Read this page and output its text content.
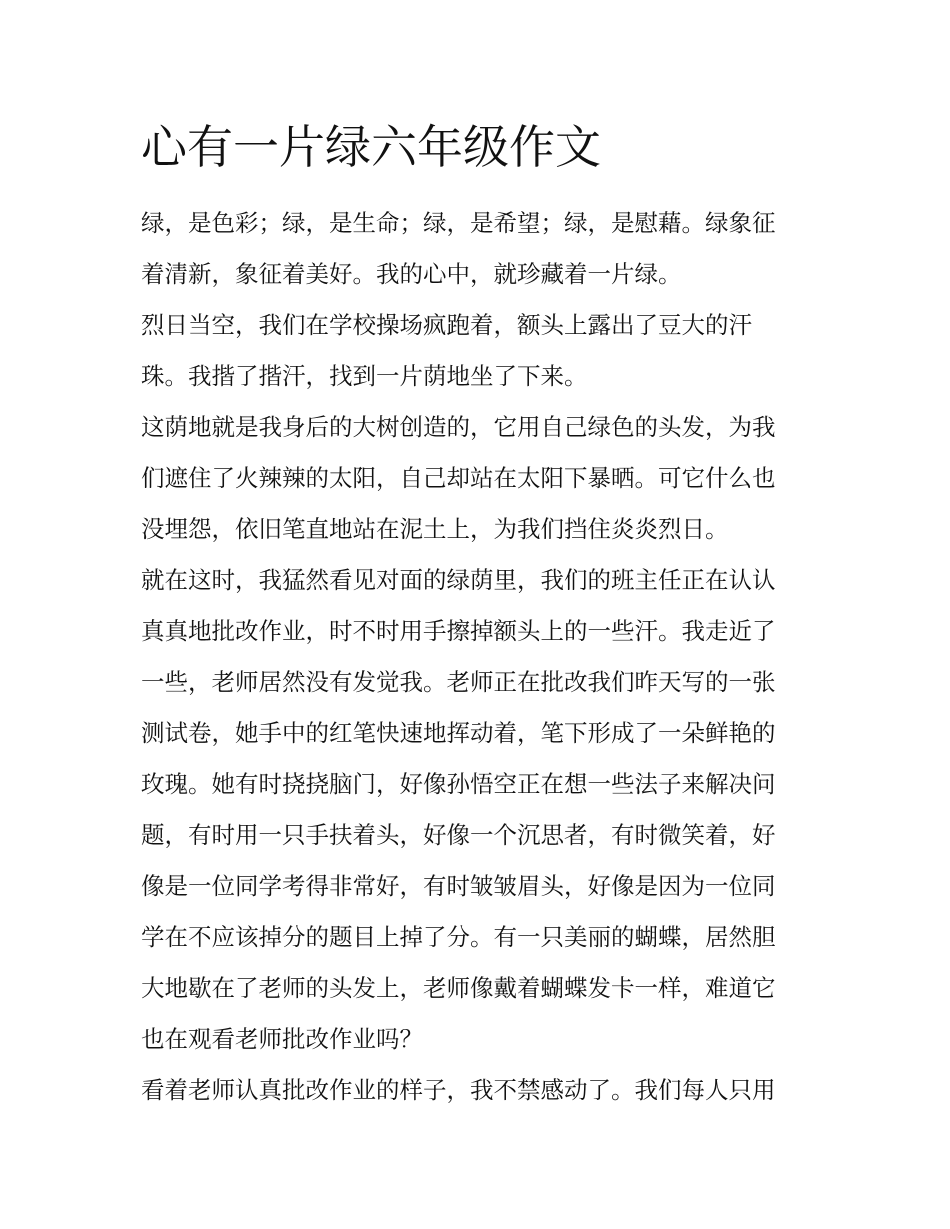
心有一片绿六年级作文
绿，是色彩；绿，是生命；绿，是希望；绿，是慰藉。绿象征
着清新，象征着美好。我的心中，就珍藏着一片绿。
烈日当空，我们在学校操场疯跑着，额头上露出了豆大的汗
珠。我揩了揩汗，找到一片荫地坐了下来。
这荫地就是我身后的大树创造的，它用自己绿色的头发，为我
们遮住了火辣辣的太阳，自己却站在太阳下暴晒。可它什么也
没埋怨，依旧笔直地站在泥土上，为我们挡住炎炎烈日。
就在这时，我猛然看见对面的绿荫里，我们的班主任正在认认
真真地批改作业，时不时用手擦掉额头上的一些汗。我走近了
一些，老师居然没有发觉我。老师正在批改我们昨天写的一张
测试卷，她手中的红笔快速地挥动着，笔下形成了一朵鲜艳的
玫瑰。她有时挠挠脑门，好像孙悟空正在想一些法子来解决问
题，有时用一只手扶着头，好像一个沉思者，有时微笑着，好
像是一位同学考得非常好，有时皱皱眉头，好像是因为一位同
学在不应该掉分的题目上掉了分。有一只美丽的蝴蝶，居然胆
大地歇在了老师的头发上，老师像戴着蝴蝶发卡一样，难道它
也在观看老师批改作业吗？
看着老师认真批改作业的样子，我不禁感动了。我们每人只用
